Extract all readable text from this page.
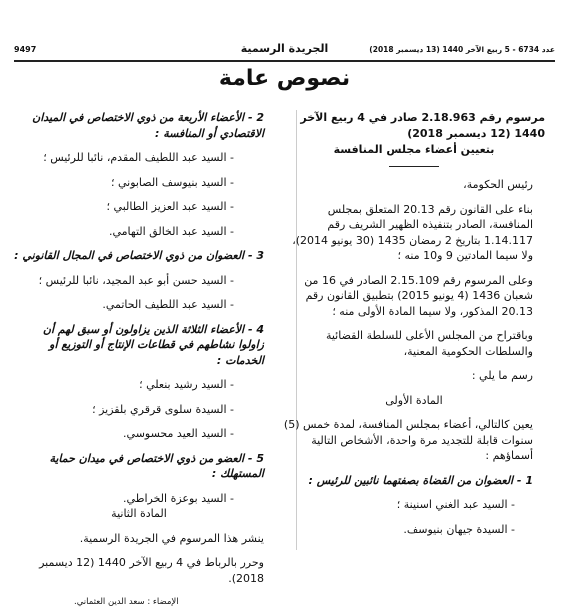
عدد 6734 - 5 ربيع الآخر 1440 (13 ديسمبر 2018)
الجريدة الرسمية
9497
نصوص عامة

مرسوم رقم 2.18.963 صادر في 4 ربيع الآخر 1440 (12 ديسمبر 2018)

بتعيين أعضاء مجلس المنافسة

رئيس الحكومة،

بناء على القانون رقم 20.13 المتعلق بمجلس المنافسة، الصادر بتنفيذه الظهير الشريف رقم 1.14.117 بتاريخ 2 رمضان 1435 (30 يونيو 2014)، ولا سيما المادتين 9 و10 منه ؛

وعلى المرسوم رقم 2.15.109 الصادر في 16 من شعبان 1436 (4 يونيو 2015) بتطبيق القانون رقم 20.13 المذكور، ولا سيما المادة الأولى منه ؛

وباقتراح من المجلس الأعلى للسلطة القضائية والسلطات الحكومية المعنية،

رسم ما يلي :

المادة الأولى

يعين كالتالي، أعضاء بمجلس المنافسة، لمدة خمس (5) سنوات قابلة للتجديد مرة واحدة، الأشخاص التالية أسماؤهم :

1 - العضوان من القضاة بصفتهما نائبين للرئيس :

- السيد عبد الغني اسنينة ؛

- السيدة جيهان بنيوسف.

2 - الأعضاء الأربعة من ذوي الاختصاص في الميدان الاقتصادي أو المنافسة :

- السيد عبد اللطيف المقدم، نائبا للرئيس ؛

- السيد بنيوسف الصابوني ؛

- السيد عبد العزيز الطالبي ؛

- السيد عبد الخالق التهامي.

3 - العضوان من ذوي الاختصاص في المجال القانوني :

- السيد حسن أبو عبد المجيد، نائبا للرئيس ؛

- السيد عبد اللطيف الحاتمي.

4 - الأعضاء الثلاثة الذين يزاولون أو سبق لهم أن زاولوا نشاطهم في قطاعات الإنتاج أو التوزيع أو الخدمات :

- السيد رشيد بنعلي ؛

- السيدة سلوى قرقري بلقزيز ؛

- السيد العيد محسوسي.

5 - العضو من ذوي الاختصاص في ميدان حماية المستهلك :

- السيد بوعزة الخراطي.

المادة الثانية

ينشر هذا المرسوم في الجريدة الرسمية.

وحرر بالرباط في 4 ربيع الآخر 1440 (12 ديسمبر 2018).

الإمضاء : سعد الدين العثماني.
